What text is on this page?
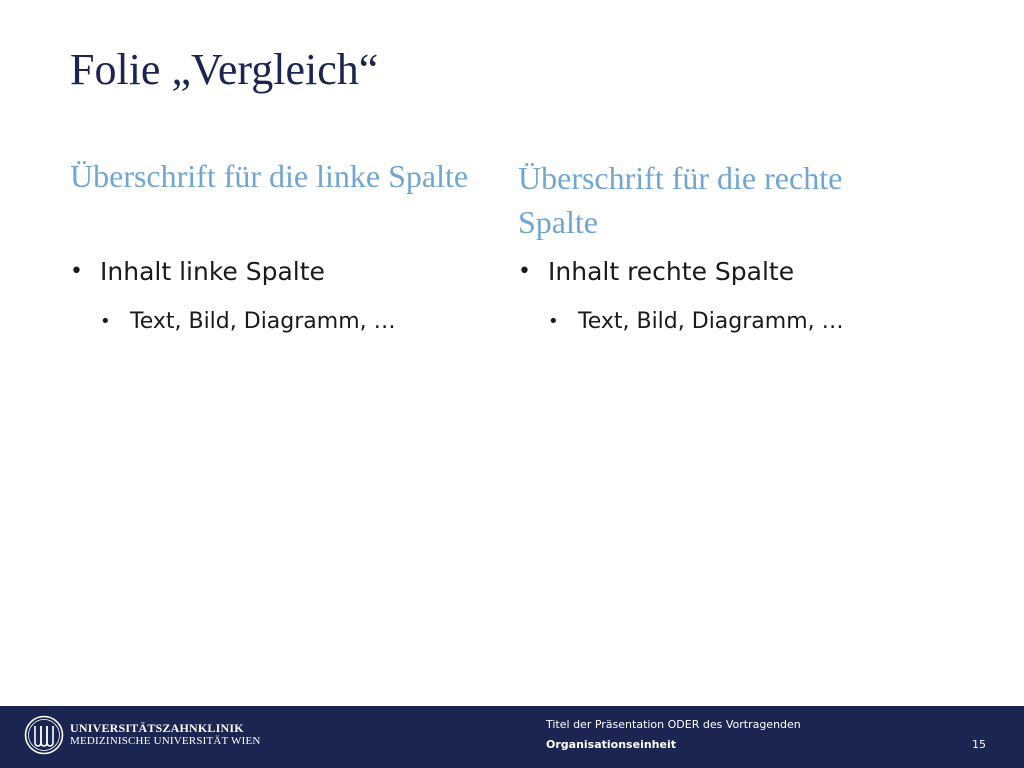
Folie „Vergleich“
Überschrift für die linke Spalte
• Inhalt linke Spalte
• Text, Bild, Diagramm, …
Überschrift für die rechte Spalte
• Inhalt rechte Spalte
• Text, Bild, Diagramm, …
UNIVERSITÄTSZAHNKLINIK
MEDIZINISCHE UNIVERSITÄT WIEN
Titel der Präsentation ODER des Vortragenden
Organisationseinheit	15
